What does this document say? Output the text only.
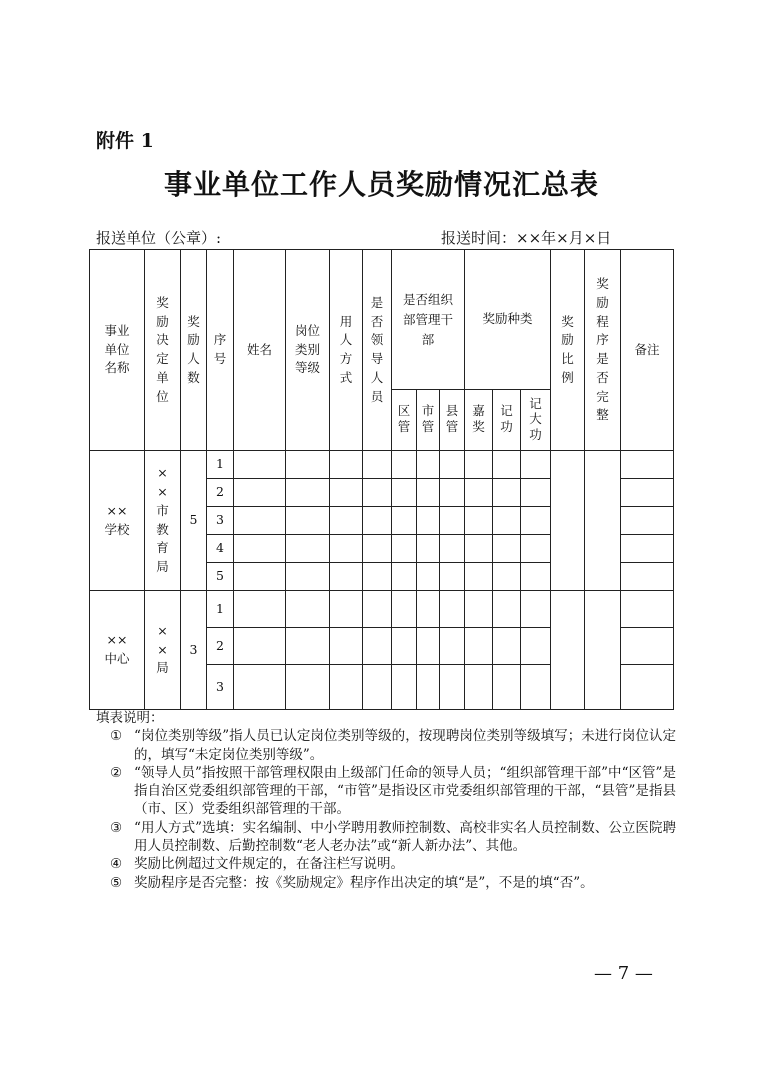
附件 1
事业单位工作人员奖励情况汇总表
报送单位（公章）:	报送时间：××年×月×日
事业单位名称	奖励决定单位	奖励人数	序号	姓名	岗位类别等级	用人方式	是否领导人员	是否组织部管理干部			奖励种类			奖励比例	奖励程序是否完整	备注
								区管	市管	县管	嘉奖	记功	记大功			
××学校	××市教育局	5	1													
			2													
			3													
			4													
			5													
××中心	××局	3	1													
			2													
			3													
填表说明：
① “岗位类别等级”指人员已认定岗位类别等级的，按现聘岗位类别等级填写；未进行岗位认定的，填写“未定岗位类别等级”。
② “领导人员”指按照干部管理权限由上级部门任命的领导人员；“组织部管理干部”中“区管”是指自治区党委组织部管理的干部，“市管”是指设区市党委组织部管理的干部，“县管”是指县（市、区）党委组织部管理的干部。
③ “用人方式”选填：实名编制、中小学聘用教师控制数、高校非实名人员控制数、公立医院聘用人员控制数、后勤控制数“老人老办法”或“新人新办法”、其他。
④ 奖励比例超过文件规定的，在备注栏写说明。
⑤ 奖励程序是否完整：按《奖励规定》程序作出决定的填“是”，不是的填“否”。
— 7 —
